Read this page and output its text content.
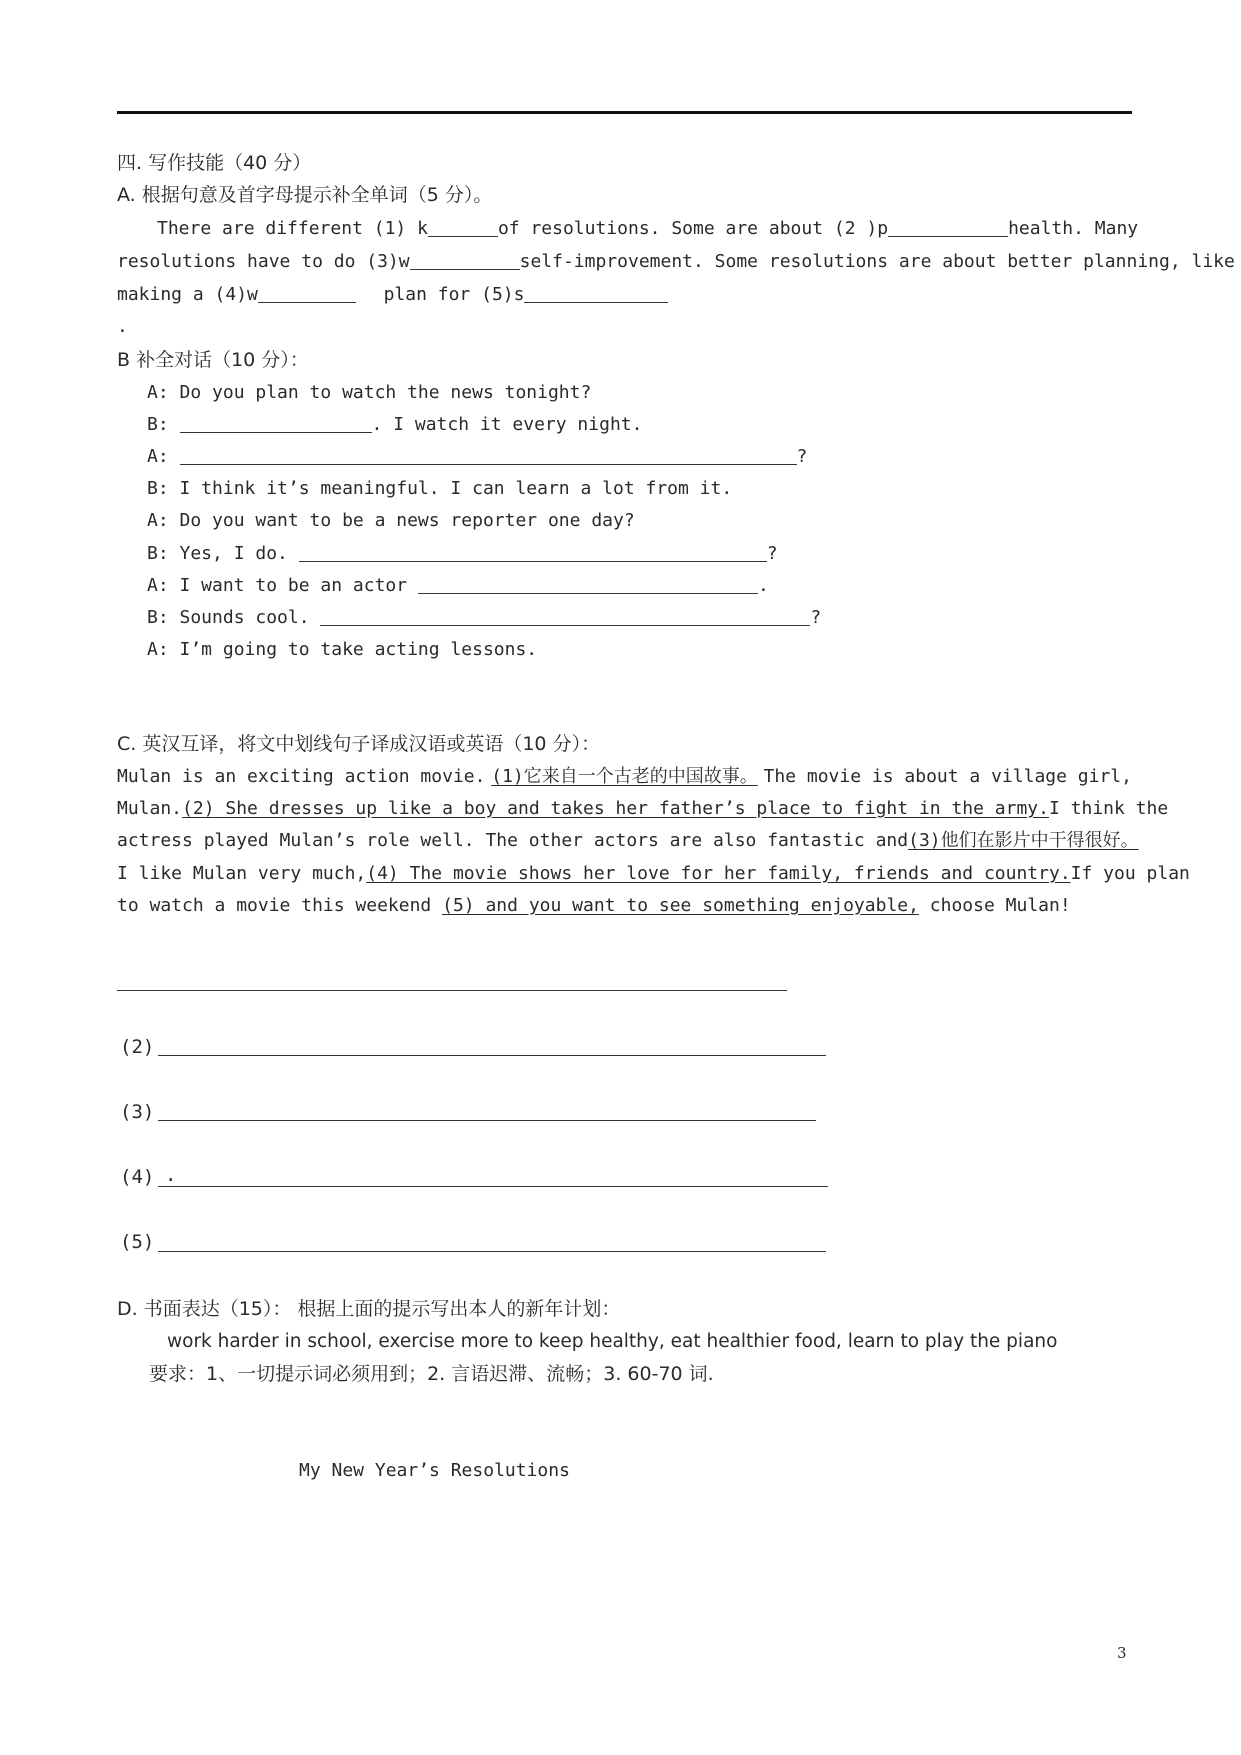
四. 写作技能（40 分）
A. 根据句意及首字母提示补全单词（5 分）。
There are different (1) k	of resolutions. Some are about (2 )p	health. Many
resolutions have to do (3)w	self-improvement. Some resolutions are about better planning, like
making a (4)w	plan for (5)s
.
B 补全对话（10 分）：
A: Do you plan to watch the news tonight?
B:	. I watch it every night.
A:	?
B: I think it’s meaningful. I can learn a lot from it.
A: Do you want to be a news reporter one day?
B: Yes, I do.	?
A: I want to be an actor	.
B: Sounds cool.	?
A: I’m going to take acting lessons.
C. 英汉互译，将文中划线句子译成汉语或英语（10 分）：
Mulan is an exciting action movie. (1)它来自一个古老的中国故事。 The movie is about a village girl,
Mulan. (2) She dresses up like a boy and takes her father’s place to fight in the army. I think the
actress played Mulan’s role well. The other actors are also fantastic and (3)他们在影片中干得很好。
I like Mulan very much, (4) The movie shows her love for her family, friends and country. If you plan
to watch a movie this weekend (5) and you want to see something enjoyable, choose Mulan!
(2)
(3)
(4) .
(5)
D. 书面表达（15）： 根据上面的提示写出本人的新年计划：
work harder in school, exercise more to keep healthy, eat healthier food, learn to play the piano
要求：1、一切提示词必须用到；2. 言语迟滞、流畅；3. 60-70 词.
My New Year’s Resolutions
3
